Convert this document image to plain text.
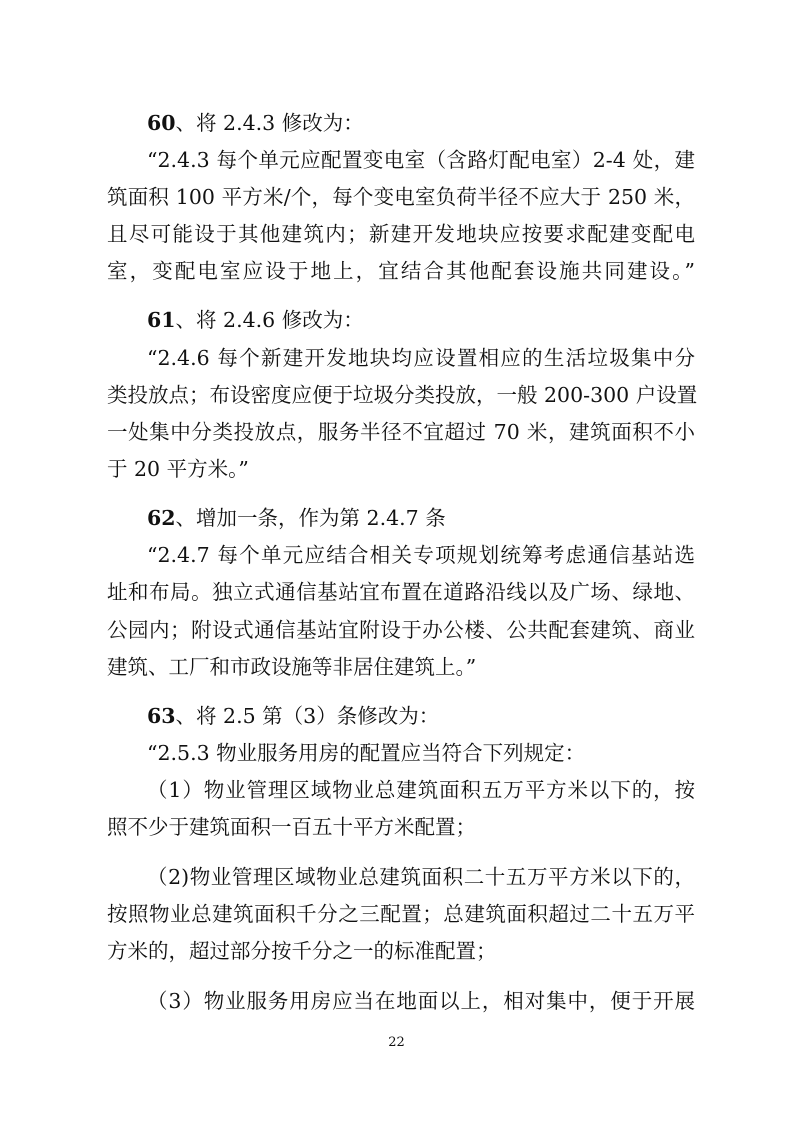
60、将 2.4.3 修改为：
“2.4.3 每个单元应配置变电室（含路灯配电室）2-4 处，建
筑面积 100 平方米/个，每个变电室负荷半径不应大于 250 米，
且尽可能设于其他建筑内；新建开发地块应按要求配建变配电
室，变配电室应设于地上，宜结合其他配套设施共同建设。”
61、将 2.4.6 修改为：
“2.4.6 每个新建开发地块均应设置相应的生活垃圾集中分
类投放点；布设密度应便于垃圾分类投放，一般 200-300 户设置
一处集中分类投放点，服务半径不宜超过 70 米，建筑面积不小
于 20 平方米。”
62、增加一条，作为第 2.4.7 条
“2.4.7 每个单元应结合相关专项规划统筹考虑通信基站选
址和布局。独立式通信基站宜布置在道路沿线以及广场、绿地、
公园内；附设式通信基站宜附设于办公楼、公共配套建筑、商业
建筑、工厂和市政设施等非居住建筑上。”
63、将 2.5 第（3）条修改为：
“2.5.3 物业服务用房的配置应当符合下列规定：
（1）物业管理区域物业总建筑面积五万平方米以下的，按
照不少于建筑面积一百五十平方米配置；
（2)物业管理区域物业总建筑面积二十五万平方米以下的，
按照物业总建筑面积千分之三配置；总建筑面积超过二十五万平
方米的，超过部分按千分之一的标准配置；
（3）物业服务用房应当在地面以上，相对集中，便于开展
22
